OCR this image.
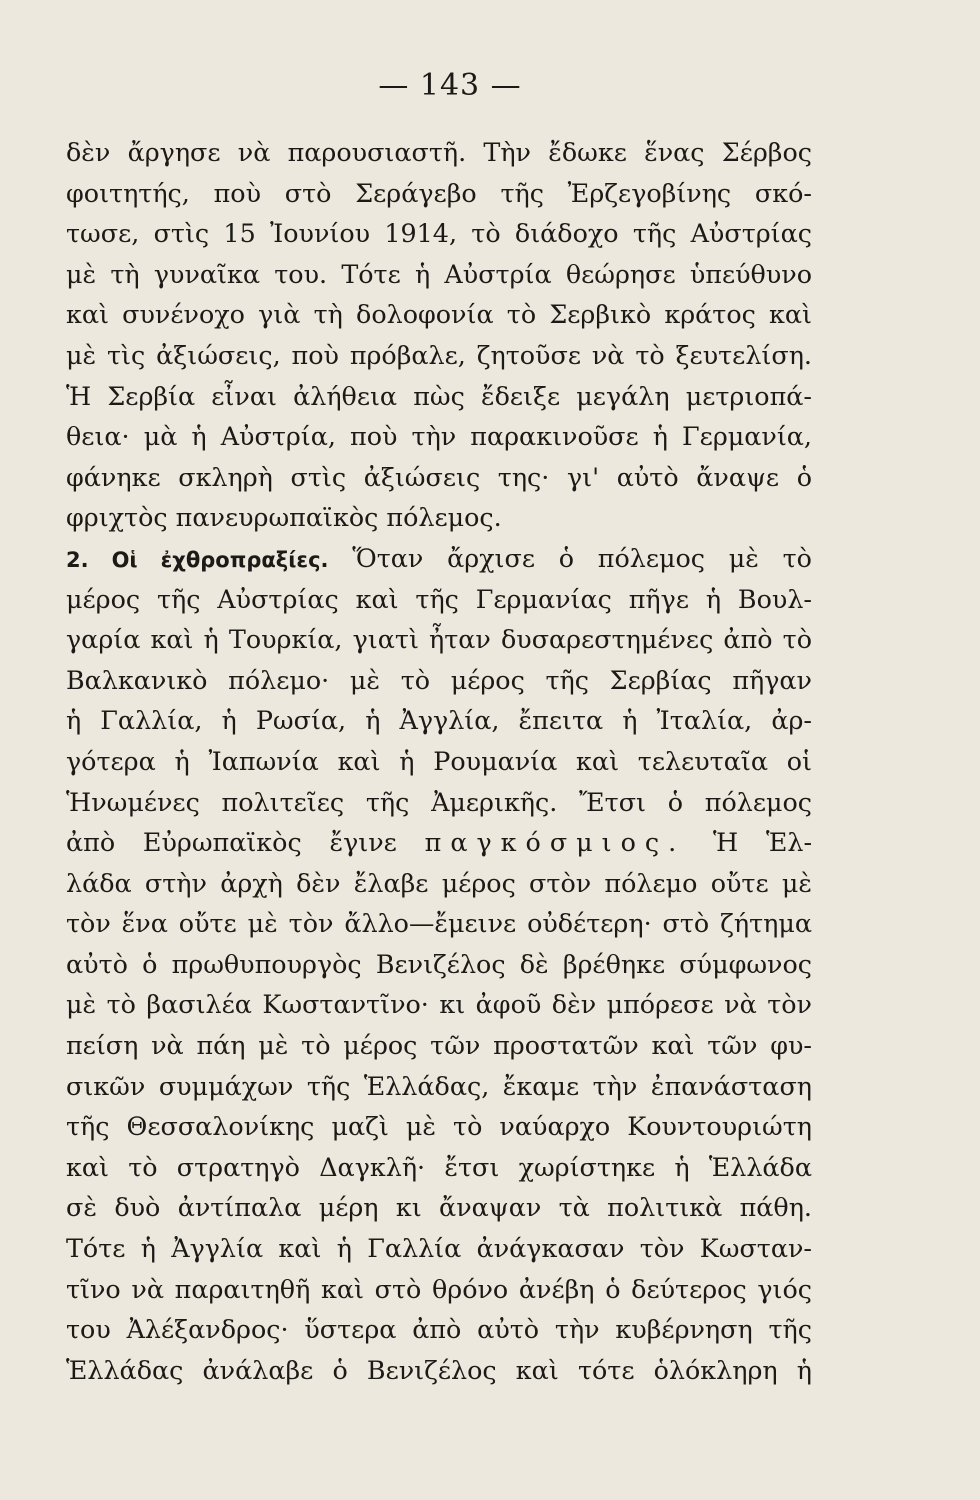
— 143 —
δὲν ἄργησε νὰ παρουσιαστῆ. Τὴν ἔδωκε ἕνας Σέρβος
φοιτητής, ποὺ στὸ Σεράγεβο τῆς Ἐρζεγοβίνης σκό-
τωσε, στὶς 15 Ἰουνίου 1914, τὸ διάδοχο τῆς Αὐστρίας
μὲ τὴ γυναῖκα του. Τότε ἡ Αὐστρία θεώρησε ὑπεύθυνο
καὶ συνένοχο γιὰ τὴ δολοφονία τὸ Σερβικὸ κράτος καὶ
μὲ τὶς ἀξιώσεις, ποὺ πρόβαλε, ζητοῦσε νὰ τὸ ξευτελίση.
Ἡ Σερβία εἶναι ἀλήθεια πὼς ἔδειξε μεγάλη μετριοπά-
θεια· μὰ ἡ Αὐστρία, ποὺ τὴν παρακινοῦσε ἡ Γερμανία,
φάνηκε σκληρὴ στὶς ἀξιώσεις της· γι' αὐτὸ ἄναψε ὁ
φριχτὸς πανευρωπαϊκὸς πόλεμος.
2. Οἱ ἐχθροπραξίες. Ὅταν ἄρχισε ὁ πόλεμος μὲ τὸ
μέρος τῆς Αὐστρίας καὶ τῆς Γερμανίας πῆγε ἡ Βουλ-
γαρία καὶ ἡ Τουρκία, γιατὶ ἦταν δυσαρεστημένες ἀπὸ τὸ
Βαλκανικὸ πόλεμο· μὲ τὸ μέρος τῆς Σερβίας πῆγαν
ἡ Γαλλία, ἡ Ρωσία, ἡ Ἀγγλία, ἔπειτα ἡ Ἰταλία, ἀρ-
γότερα ἡ Ἰαπωνία καὶ ἡ Ρουμανία καὶ τελευταῖα οἱ
Ἡνωμένες πολιτεῖες τῆς Ἀμερικῆς. Ἔτσι ὁ πόλεμος
ἀπὸ Εὐρωπαϊκὸς ἔγινε παγκόσμιος. Ἡ Ἑλ-
λάδα στὴν ἀρχὴ δὲν ἔλαβε μέρος στὸν πόλεμο οὔτε μὲ
τὸν ἕνα οὔτε μὲ τὸν ἄλλο—ἔμεινε οὐδέτερη· στὸ ζήτημα
αὐτὸ ὁ πρωθυπουργὸς Βενιζέλος δὲ βρέθηκε σύμφωνος
μὲ τὸ βασιλέα Κωσταντῖνο· κι ἀφοῦ δὲν μπόρεσε νὰ τὸν
πείση νὰ πάη μὲ τὸ μέρος τῶν προστατῶν καὶ τῶν φυ-
σικῶν συμμάχων τῆς Ἑλλάδας, ἔκαμε τὴν ἐπανάσταση
τῆς Θεσσαλονίκης μαζὶ μὲ τὸ ναύαρχο Κουντουριώτη
καὶ τὸ στρατηγὸ Δαγκλῆ· ἔτσι χωρίστηκε ἡ Ἑλλάδα
σὲ δυὸ ἀντίπαλα μέρη κι ἄναψαν τὰ πολιτικὰ πάθη.
Τότε ἡ Ἀγγλία καὶ ἡ Γαλλία ἀνάγκασαν τὸν Κωσταν-
τῖνο νὰ παραιτηθῆ καὶ στὸ θρόνο ἀνέβη ὁ δεύτερος γιός
του Ἀλέξανδρος· ὕστερα ἀπὸ αὐτὸ τὴν κυβέρνηση τῆς
Ἑλλάδας ἀνάλαβε ὁ Βενιζέλος καὶ τότε ὁλόκληρη ἡ
